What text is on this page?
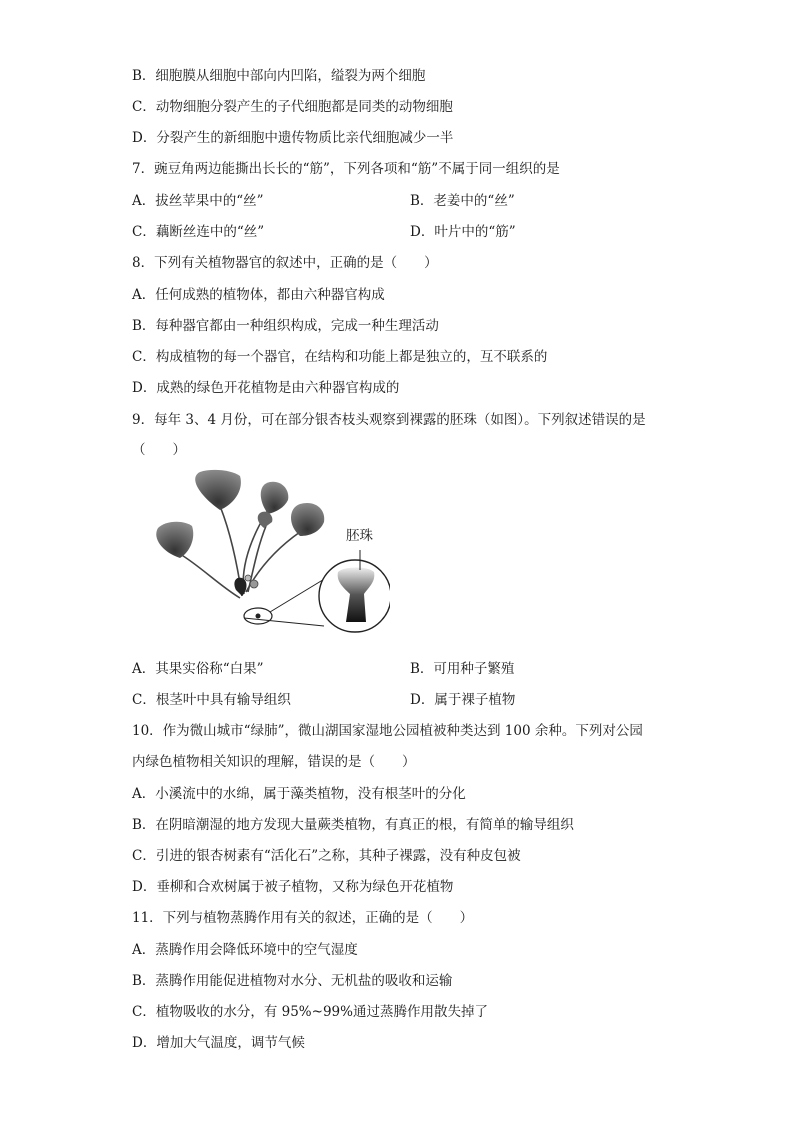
B．细胞膜从细胞中部向内凹陷，缢裂为两个细胞
C．动物细胞分裂产生的子代细胞都是同类的动物细胞
D．分裂产生的新细胞中遗传物质比亲代细胞减少一半
7．豌豆角两边能撕出长长的“筋”，下列各项和“筋”不属于同一组织的是
A．拔丝苹果中的“丝”	B．老姜中的“丝”
C．藕断丝连中的“丝”	D．叶片中的“筋”
8．下列有关植物器官的叙述中，正确的是（　　）
A．任何成熟的植物体，都由六种器官构成
B．每种器官都由一种组织构成，完成一种生理活动
C．构成植物的每一个器官，在结构和功能上都是独立的，互不联系的
D．成熟的绿色开花植物是由六种器官构成的
9．每年 3、4 月份，可在部分银杏枝头观察到裸露的胚珠（如图）。下列叙述错误的是
（　　）
胚珠
A．其果实俗称“白果”	B．可用种子繁殖
C．根茎叶中具有输导组织	D．属于裸子植物
10．作为微山城市“绿肺”，微山湖国家湿地公园植被种类达到 100 余种。下列对公园
内绿色植物相关知识的理解，错误的是（　　）
A．小溪流中的水绵，属于藻类植物，没有根茎叶的分化
B．在阴暗潮湿的地方发现大量蕨类植物，有真正的根，有简单的输导组织
C．引进的银杏树素有“活化石”之称，其种子裸露，没有种皮包被
D．垂柳和合欢树属于被子植物，又称为绿色开花植物
11．下列与植物蒸腾作用有关的叙述，正确的是（　　）
A．蒸腾作用会降低环境中的空气湿度
B．蒸腾作用能促进植物对水分、无机盐的吸收和运输
C．植物吸收的水分，有 95%~99%通过蒸腾作用散失掉了
D．增加大气温度，调节气候
